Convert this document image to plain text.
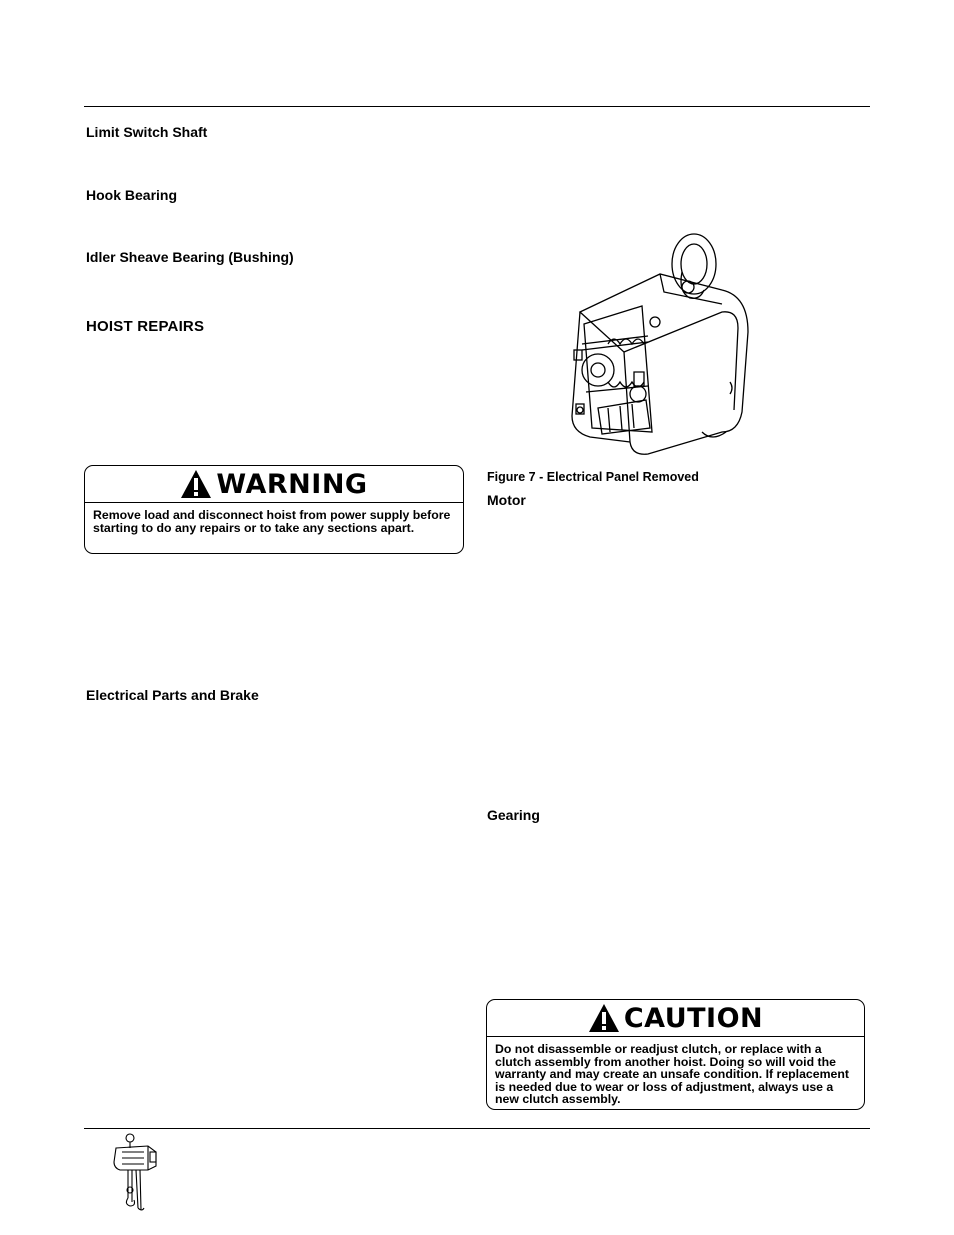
Limit Switch Shaft
Hook Bearing
Idler Sheave Bearing (Bushing)
HOIST REPAIRS
WARNING
Remove load and disconnect hoist from power supply before starting to do any repairs or to take any sections apart.
Electrical Parts and Brake
Figure 7 - Electrical Panel Removed
Motor
Gearing
CAUTION
Do not disassemble or readjust clutch, or replace with a clutch assembly from another hoist. Doing so will void the warranty and may create an unsafe condition. If replacement is needed due to wear or loss of adjustment, always use a new clutch assembly.
